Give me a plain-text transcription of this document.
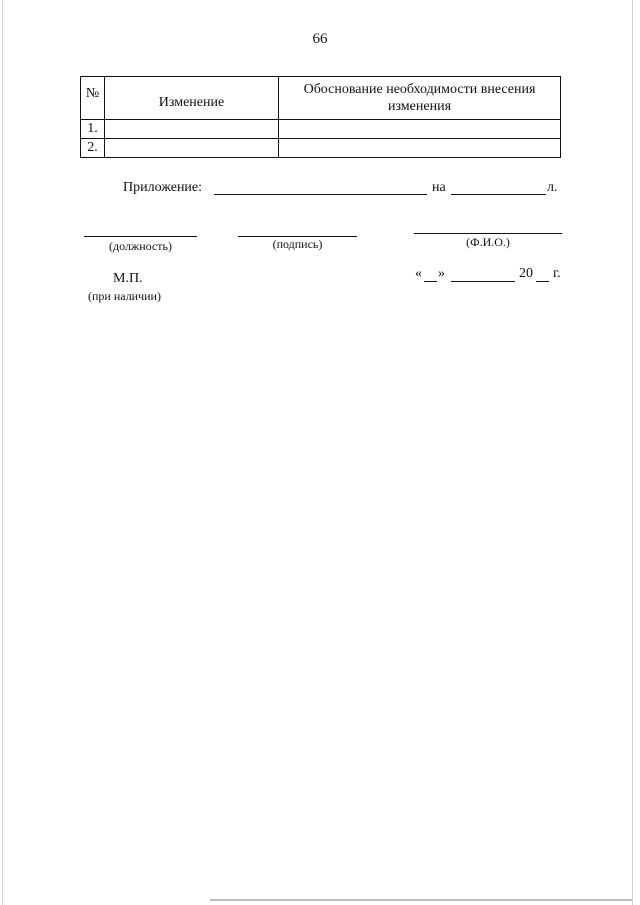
66
№	Изменение	Обоснование необходимости внесения изменения
1.		
2.		
Приложение:	на	л.
(должность)	(подпись)	(Ф.И.О.)
М.П.
(при наличии)
« »	20 г.
